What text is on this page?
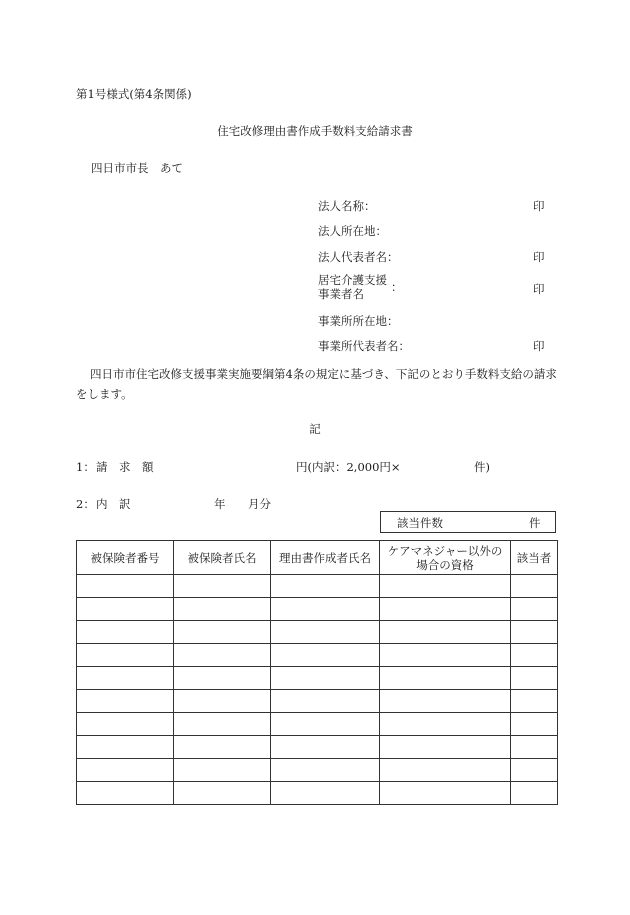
第1号様式(第4条関係)
住宅改修理由書作成手数料支給請求書
四日市市長　あて
法人名称：	印
法人所在地：
法人代表者名：	印
居宅介護支援
事業者名	：	印
事業所所在地：
事業所代表者名：	印
四日市市住宅改修支援事業実施要綱第4条の規定に基づき、下記のとおり手数料支給の請求をします。
記
1： 請　求　額	円(内訳：2,000円×	件)
2： 内　訳	年 月分
該当件数	件
被保険者番号	被保険者氏名	理由書作成者氏名	ケアマネジャー以外の
場合の資格	該当者
